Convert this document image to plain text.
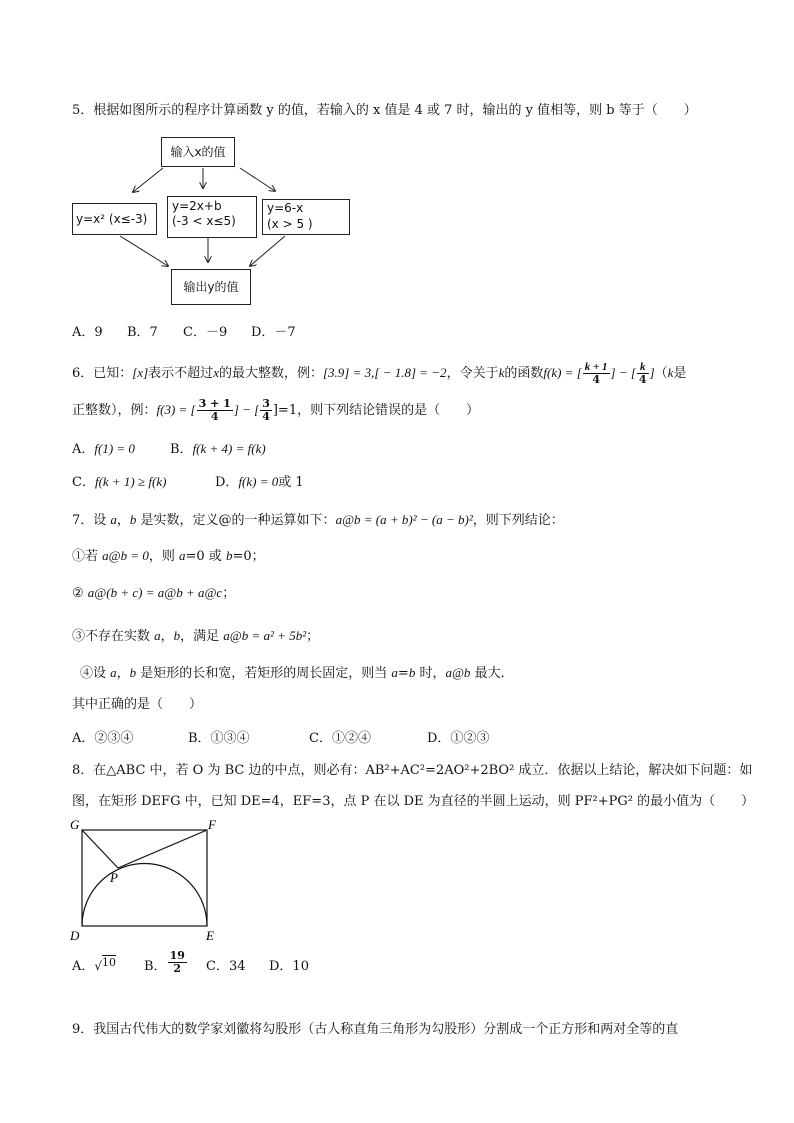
5．根据如图所示的程序计算函数 y 的值，若输入的 x 值是 4 或 7 时，输出的 y 值相等，则 b 等于（　　）
输入x的值
y=x² (x≤-3)
y=2x+b
(-3 < x≤5)
y=6-x
(x > 5 )
输出y的值
A．9 B．7 C．－9 D．－7
6．已知：[x]表示不超过x的最大整数，例：[3.9] = 3,[ − 1.8] = −2，令关于k的函数f(k) = [ $\frac{k + 1}{4}$ ] − [ $\frac{k}{4} ](k$是
正整数），例：f(3) = [ $\frac{3 + 1}{4}$ ] − [ $\frac{3}{4} ]=1$，则下列结论错误的是（　　）
A．f(1) = 0	B．f(k + 4) = f(k)
C．f(k + 1) ≥ f(k)	D．f(k) = 0或 1
7．设 a，b 是实数，定义@的一种运算如下：a@b = (a + b)² − (a − b)²，则下列结论：
①若 a@b = 0，则 a=0 或 b=0；
② a@(b + c) = a@b + a@c；
③不存在实数 a，b，满足 a@b = a² + 5b²；
④设 a，b 是矩形的长和宽，若矩形的周长固定，则当 a=b 时，a@b 最大．
其中正确的是（　　）
A．②③④	B．①③④	C．①②④	D．①②③
8．在△ABC 中，若 O 为 BC 边的中点，则必有：AB²+AC²=2AO²+2BO² 成立．依据以上结论，解决如下问题：如
图，在矩形 DEFG 中，已知 DE=4，EF=3，点 P 在以 DE 为直径的半圆上运动，则 PF²+PG² 的最小值为（　　）
G	F
P
D	E
A．√$^{10}$ B． $\frac{19}{2}$ C．34 D．10
9．我国古代伟大的数学家刘徽将勾股形（古人称直角三角形为勾股形）分割成一个正方形和两对全等的直
